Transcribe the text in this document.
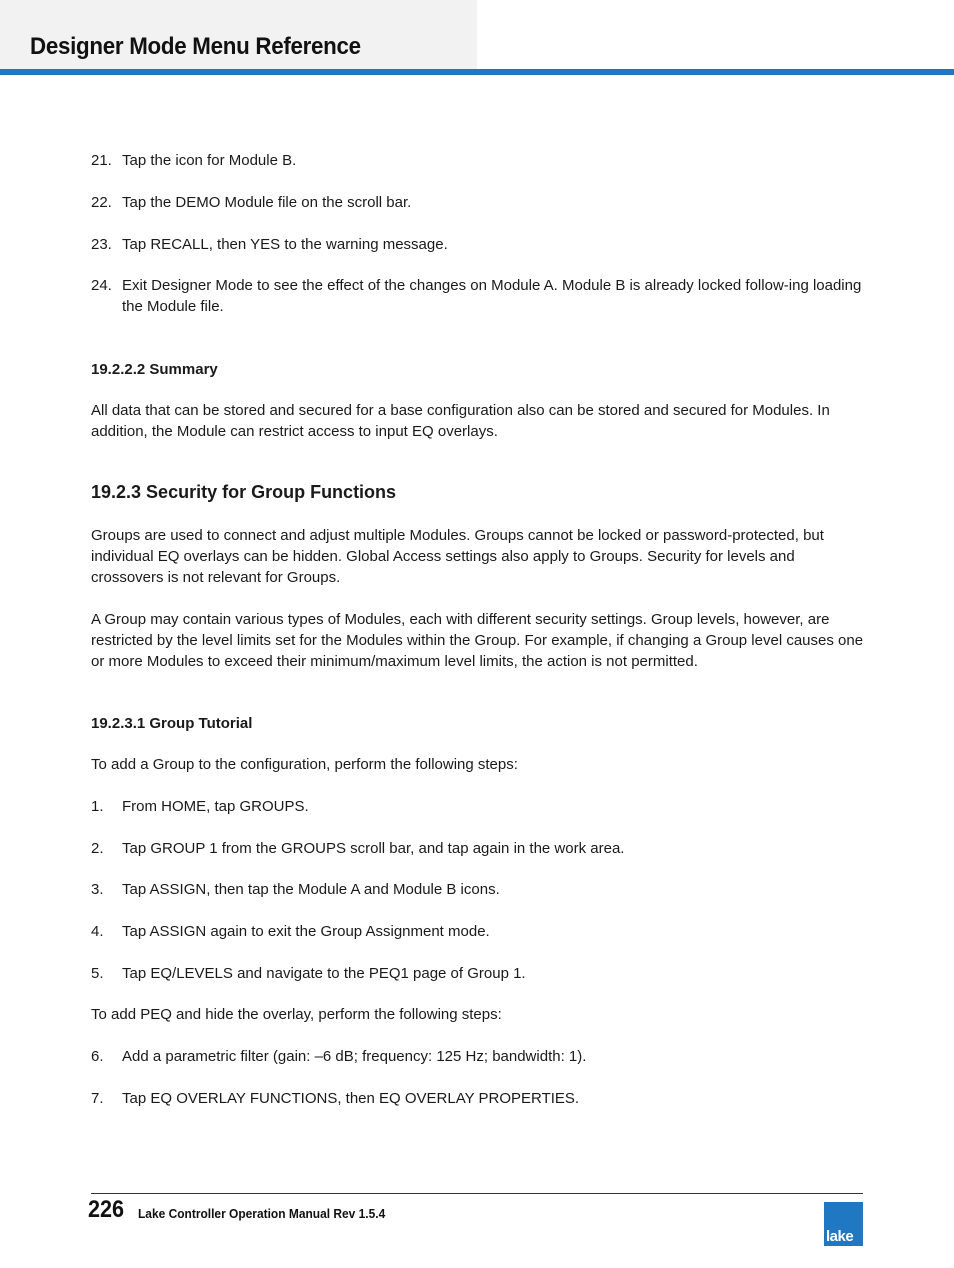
Designer Mode Menu Reference
21. Tap the icon for Module B.
22. Tap the DEMO Module file on the scroll bar.
23. Tap RECALL, then YES to the warning message.
24. Exit Designer Mode to see the effect of the changes on Module A. Module B is already locked follow-ing loading the Module file.
19.2.2.2 Summary

All data that can be stored and secured for a base configuration also can be stored and secured for Modules. In addition, the Module can restrict access to input EQ overlays.

19.2.3 Security for Group Functions

Groups are used to connect and adjust multiple Modules. Groups cannot be locked or password-protected, but individual EQ overlays can be hidden. Global Access settings also apply to Groups. Security for levels and crossovers is not relevant for Groups.

A Group may contain various types of Modules, each with different security settings. Group levels, however, are restricted by the level limits set for the Modules within the Group. For example, if changing a Group level causes one or more Modules to exceed their minimum/maximum level limits, the action is not permitted.

19.2.3.1 Group Tutorial

To add a Group to the configuration, perform the following steps:

1.	From HOME, tap GROUPS.
2.	Tap GROUP 1 from the GROUPS scroll bar, and tap again in the work area.
3.	Tap ASSIGN, then tap the Module A and Module B icons.
4.	Tap ASSIGN again to exit the Group Assignment mode.
5.	Tap EQ/LEVELS and navigate to the PEQ1 page of Group 1.

To add PEQ and hide the overlay, perform the following steps:

6.	Add a parametric filter (gain: –6 dB; frequency: 125 Hz; bandwidth: 1).
7.	Tap EQ OVERLAY FUNCTIONS, then EQ OVERLAY PROPERTIES.
226 Lake Controller Operation Manual Rev 1.5.4
lake
